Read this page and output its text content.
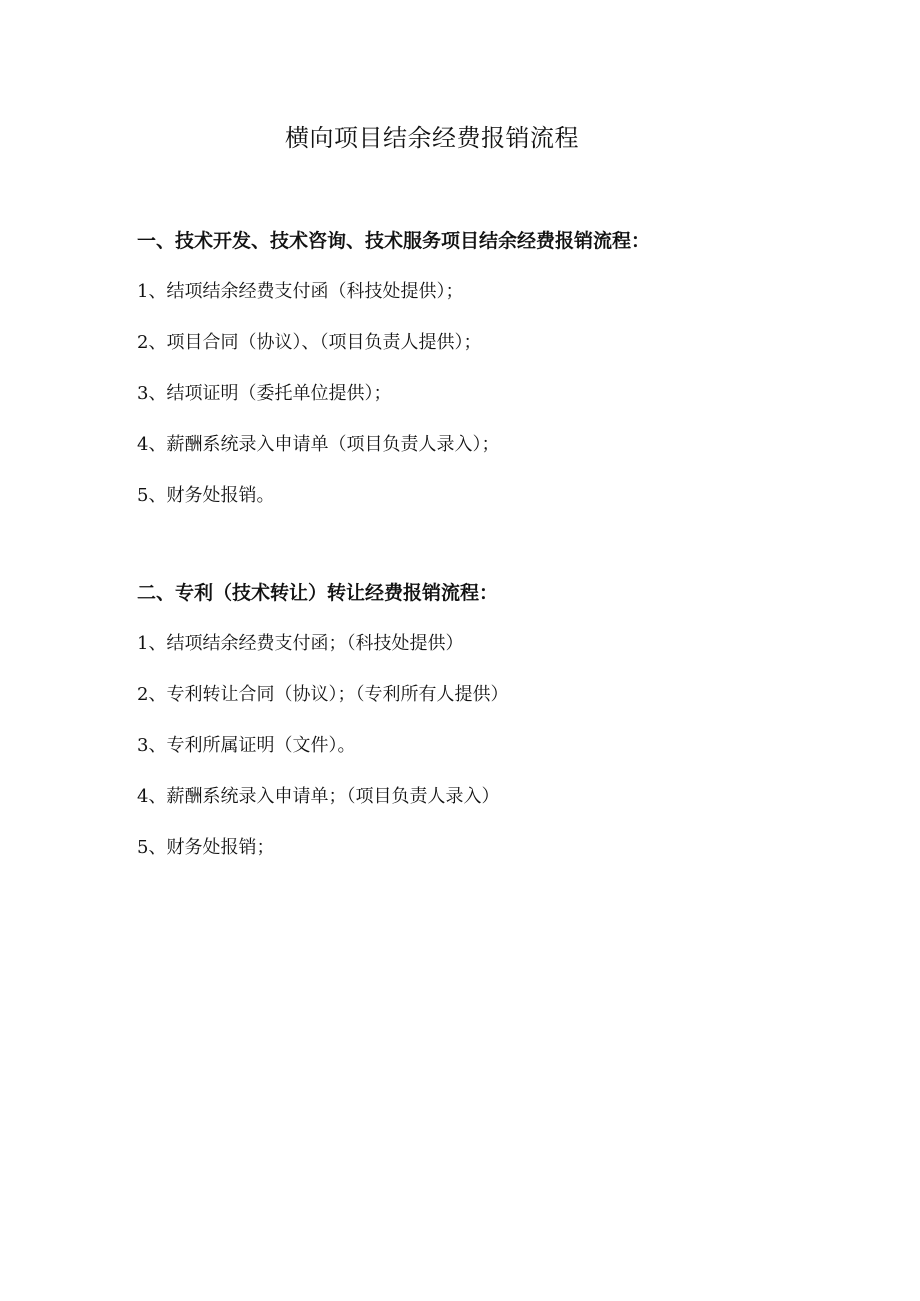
横向项目结余经费报销流程
一、技术开发、技术咨询、技术服务项目结余经费报销流程：
1、结项结余经费支付函（科技处提供）；
2、项目合同（协议）、（项目负责人提供）；
3、结项证明（委托单位提供）；
4、薪酬系统录入申请单（项目负责人录入）；
5、财务处报销。
二、专利（技术转让）转让经费报销流程：
1、结项结余经费支付函；（科技处提供）
2、专利转让合同（协议）；（专利所有人提供）
3、专利所属证明（文件）。
4、薪酬系统录入申请单；（项目负责人录入）
5、财务处报销；
